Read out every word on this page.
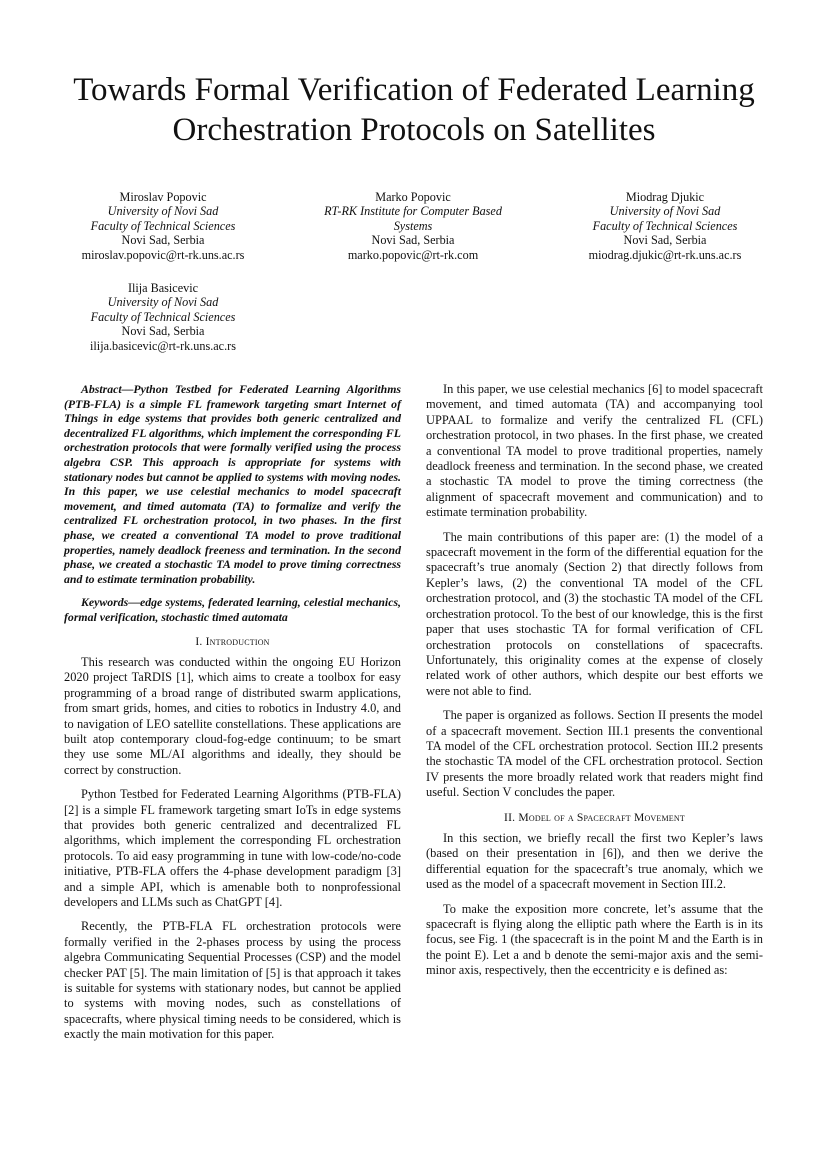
Towards Formal Verification of Federated Learning
Orchestration Protocols on Satellites
Miroslav Popovic
University of Novi Sad
Faculty of Technical Sciences
Novi Sad, Serbia
miroslav.popovic@rt-rk.uns.ac.rs
Marko Popovic
RT-RK Institute for Computer Based
Systems
Novi Sad, Serbia
marko.popovic@rt-rk.com
Miodrag Djukic
University of Novi Sad
Faculty of Technical Sciences
Novi Sad, Serbia
miodrag.djukic@rt-rk.uns.ac.rs
Ilija Basicevic
University of Novi Sad
Faculty of Technical Sciences
Novi Sad, Serbia
ilija.basicevic@rt-rk.uns.ac.rs

Abstract—Python Testbed for Federated Learning Algorithms (PTB-FLA) is a simple FL framework targeting smart Internet of Things in edge systems that provides both generic centralized and decentralized FL algorithms, which implement the corresponding FL orchestration protocols that were formally verified using the process algebra CSP. This approach is appropriate for systems with stationary nodes but cannot be applied to systems with moving nodes. In this paper, we use celestial mechanics to model spacecraft movement, and timed automata (TA) to formalize and verify the centralized FL orchestration protocol, in two phases. In the first phase, we created a conventional TA model to prove traditional properties, namely deadlock freeness and termination. In the second phase, we created a stochastic TA model to prove timing correctness and to estimate termination probability.

Keywords—edge systems, federated learning, celestial mechanics, formal verification, stochastic timed automata

I. Introduction

This research was conducted within the ongoing EU Horizon 2020 project TaRDIS [1], which aims to create a toolbox for easy programming of a broad range of distributed swarm applications, from smart grids, homes, and cities to robotics in Industry 4.0, and to navigation of LEO satellite constellations. These applications are built atop contemporary cloud-fog-edge continuum; to be smart they use some ML/AI algorithms and ideally, they should be correct by construction.

Python Testbed for Federated Learning Algorithms (PTB-FLA) [2] is a simple FL framework targeting smart IoTs in edge systems that provides both generic centralized and decentralized FL algorithms, which implement the corresponding FL orchestration protocols. To aid easy programming in tune with low-code/no-code initiative, PTB-FLA offers the 4-phase development paradigm [3] and a simple API, which is amenable both to nonprofessional developers and LLMs such as ChatGPT [4].

Recently, the PTB-FLA FL orchestration protocols were formally verified in the 2-phases process by using the process algebra Communicating Sequential Processes (CSP) and the model checker PAT [5]. The main limitation of [5] is that approach it takes is suitable for systems with stationary nodes, but cannot be applied to systems with moving nodes, such as constellations of spacecrafts, where physical timing needs to be considered, which is exactly the main motivation for this paper.

In this paper, we use celestial mechanics [6] to model spacecraft movement, and timed automata (TA) and accompanying tool UPPAAL to formalize and verify the centralized FL (CFL) orchestration protocol, in two phases. In the first phase, we created a conventional TA model to prove traditional properties, namely deadlock freeness and termination. In the second phase, we created a stochastic TA model to prove the timing correctness (the alignment of spacecraft movement and communication) and to estimate termination probability.

The main contributions of this paper are: (1) the model of a spacecraft movement in the form of the differential equation for the spacecraft’s true anomaly (Section 2) that directly follows from Kepler’s laws, (2) the conventional TA model of the CFL orchestration protocol, and (3) the stochastic TA model of the CFL orchestration protocol. To the best of our knowledge, this is the first paper that uses stochastic TA for formal verification of CFL orchestration protocols on constellations of spacecrafts. Unfortunately, this originality comes at the expense of closely related work of other authors, which despite our best efforts we were not able to find.

The paper is organized as follows. Section II presents the model of a spacecraft movement. Section III.1 presents the conventional TA model of the CFL orchestration protocol. Section III.2 presents the stochastic TA model of the CFL orchestration protocol. Section IV presents the more broadly related work that readers might find useful. Section V concludes the paper.

II. Model of a Spacecraft Movement

In this section, we briefly recall the first two Kepler’s laws (based on their presentation in [6]), and then we derive the differential equation for the spacecraft’s true anomaly, which we used as the model of a spacecraft movement in Section III.2.

To make the exposition more concrete, let’s assume that the spacecraft is flying along the elliptic path where the Earth is in its focus, see Fig. 1 (the spacecraft is in the point M and the Earth is in the point E). Let a and b denote the semi-major axis and the semi-minor axis, respectively, then the eccentricity e is defined as:
